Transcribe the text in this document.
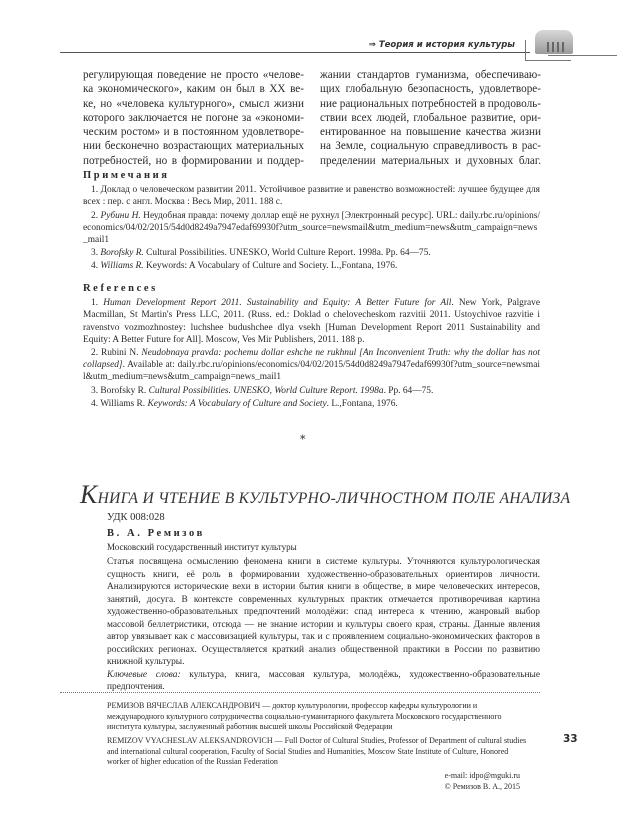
⇒ Теория и история культуры
регулирующая поведение не просто «челове-
ка экономического», каким он был в XX ве-
ке, но «человека культурного», смысл жизни
которого заключается не погоне за «экономи-
ческим ростом» и в постоянном удовлетворе-
нии бесконечно возрастающих материальных
потребностей, но в формировании и поддер-
жании стандартов гуманизма, обеспечиваю-
щих глобальную безопасность, удовлетворе-
ние рациональных потребностей в продоволь-
ствии всех людей, глобальное развитие, ори-
ентированное на повышение качества жизни
на Земле, социальную справедливость в рас-
пределении материальных и духовных благ.
Примечания

1. Доклад о человеческом развитии 2011. Устойчивое развитие и равенство возможностей: лучшее будущее для всех : пер. с англ. Москва : Весь Мир, 2011. 188 с.

2. Рубини Н. Неудобная правда: почему доллар ещё не рухнул [Электронный ресурс]. URL: daily.rbc.ru/opinions/economics/04/02/2015/54d0d8249a7947edaf69930f?utm_source=newsmail&utm_medium=news&utm_campaign=news_mail1

3. Borofsky R. Cultural Possibilities. UNESKO, World Culture Report. 1998a. Pp. 64—75.

4. Williams R. Keywords: A Vocabulary of Culture and Society. L.,Fontana, 1976.

References

1. Human Development Report 2011. Sustainability and Equity: A Better Future for All. New York, Palgrave Macmillan, St Martin's Press LLC, 2011. (Russ. ed.: Doklad o chelovecheskom razvitii 2011. Ustoychivoe razvitie i ravenstvo vozmozhnostey: luchshee budushchee dlya vsekh [Human Development Report 2011 Sustainability and Equity: A Better Future for All]. Moscow, Ves Mir Publishers, 2011. 188 p.

2. Rubini N. Neudobnaya pravda: pochemu dollar eshche ne rukhnul [An Inconvenient Truth: why the dollar has not collapsed]. Available at: daily.rbc.ru/opinions/economics/04/02/2015/54d0d8249a7947edaf69930f?utm_source=newsmail&utm_medium=news&utm_campaign=news_mail1

3. Borofsky R. Cultural Possibilities. UNESKO, World Culture Report. 1998a. Pp. 64—75.

4. Williams R. Keywords: A Vocabulary of Culture and Society. L.,Fontana, 1976.

*
КНИГА И ЧТЕНИЕ В КУЛЬТУРНО-ЛИЧНОСТНОМ ПОЛЕ АНАЛИЗА
УДК 008:028
В. А. Ремизов
Московский государственный институт культуры

Статья посвящена осмыслению феномена книги в системе культуры. Уточняются культурологическая сущность книги, её роль в формировании художественно-образовательных ориентиров личности. Анализируются исторические вехи в истории бытия книги в обществе, в мире человеческих интересов, занятий, досуга. В контексте современных культурных практик отмечается противоречивая картина художественно-образовательных предпочтений молодёжи: спад интереса к чтению, жанровый выбор массовой беллетристики, отсюда — не знание истории и культуры своего края, страны. Данные явления автор увязывает как с массовизацией культуры, так и с проявлением социально-экономических факторов в российских регионах. Осуществляется краткий анализ общественной практики в России по развитию книжной культуры.

Ключевые слова: культура, книга, массовая культура, молодёжь, художественно-образовательные предпочтения.

РЕМИЗОВ ВЯЧЕСЛАВ АЛЕКСАНДРОВИЧ — доктор культурологии, профессор кафедры культурологии и международного культурного сотрудничества социально-гуманитарного факультета Московского государственного института культуры, заслуженный работник высшей школы Российской Федерации
REMIZOV VYACHESLAV ALEKSANDROVICH — Full Doctor of Cultural Studies, Professor of Department of cultural studies and international cultural cooperation, Faculty of Social Studies and Humanities, Moscow State Institute of Culture, Honored worker of higher education of the Russian Federation
33
e-mail: idpo@mguki.ru
© Ремизов В. А., 2015
